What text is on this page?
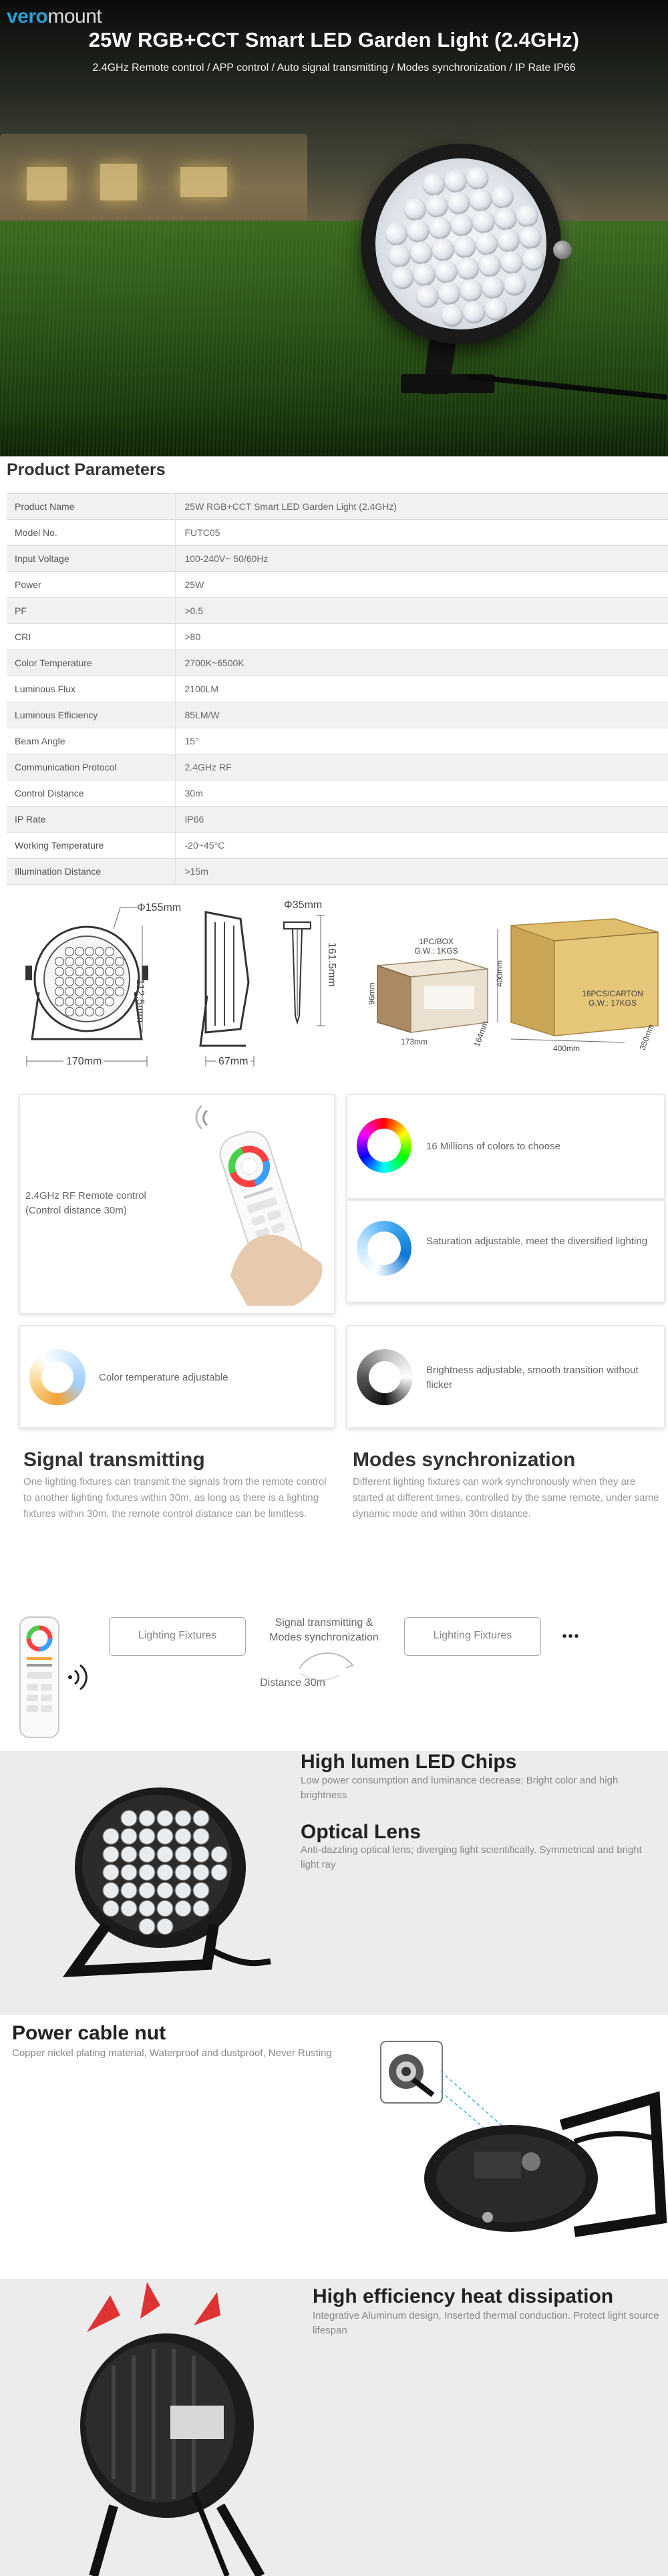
veromount
25W RGB+CCT Smart LED Garden Light (2.4GHz)
2.4GHz Remote control / APP control / Auto signal transmitting / Modes synchronization / IP Rate IP66
Product Parameters
Product Name	25W RGB+CCT Smart LED Garden Light (2.4GHz)
Model No.	FUTC05
Input Voltage	100-240V~ 50/60Hz
Power	25W
PF	>0.5
CRI	>80
Color Temperature	2700K~6500K
Luminous Flux	2100LM
Luminous Efficiency	85LM/W
Beam Angle	15°
Communication Protocol	2.4GHz RF
Control Distance	30m
IP Rate	IP66
Working Temperature	-20~45°C
Illumination Distance	>15m
Φ155mm
112.5mm
170mm	67mm
Φ35mm
161.5mm
1PC/BOX
G.W.: 1KGS
173mm	164mm
96mm	16PCS/CARTON
G.W.: 17KGS
400mm	350mm
400mm
2.4GHz RF Remote control
(Control distance 30m)
16 Millions of colors to choose
Saturation adjustable, meet the diversified lighting
Color temperature adjustable
Brightness adjustable, smooth transition without flicker
Signal transmitting
One lighting fixtures can transmit the signals from the remote control to another lighting fixtures within 30m, as long as there is a lighting fixtures within 30m, the remote control distance can be limitless.
Modes synchronization
Different lighting fixtures can work synchronously when they are started at different times, controlled by the same remote, under same dynamic mode and within 30m distance.
Lighting Fixtures
Signal transmitting &
Modes synchronization
Distance 30m
Lighting Fixtures	•••
High lumen LED Chips
Low power consumption and luminance decrease; Bright color and high brightness
Optical Lens
Anti-dazzling optical lens; diverging light scientifically. Symmetrical and bright light ray
Power cable nut
Copper nickel plating material, Waterproof and dustproof, Never Rusting
High efficiency heat dissipation
Integrative Aluminum design, Inserted thermal conduction. Protect light source lifespan
